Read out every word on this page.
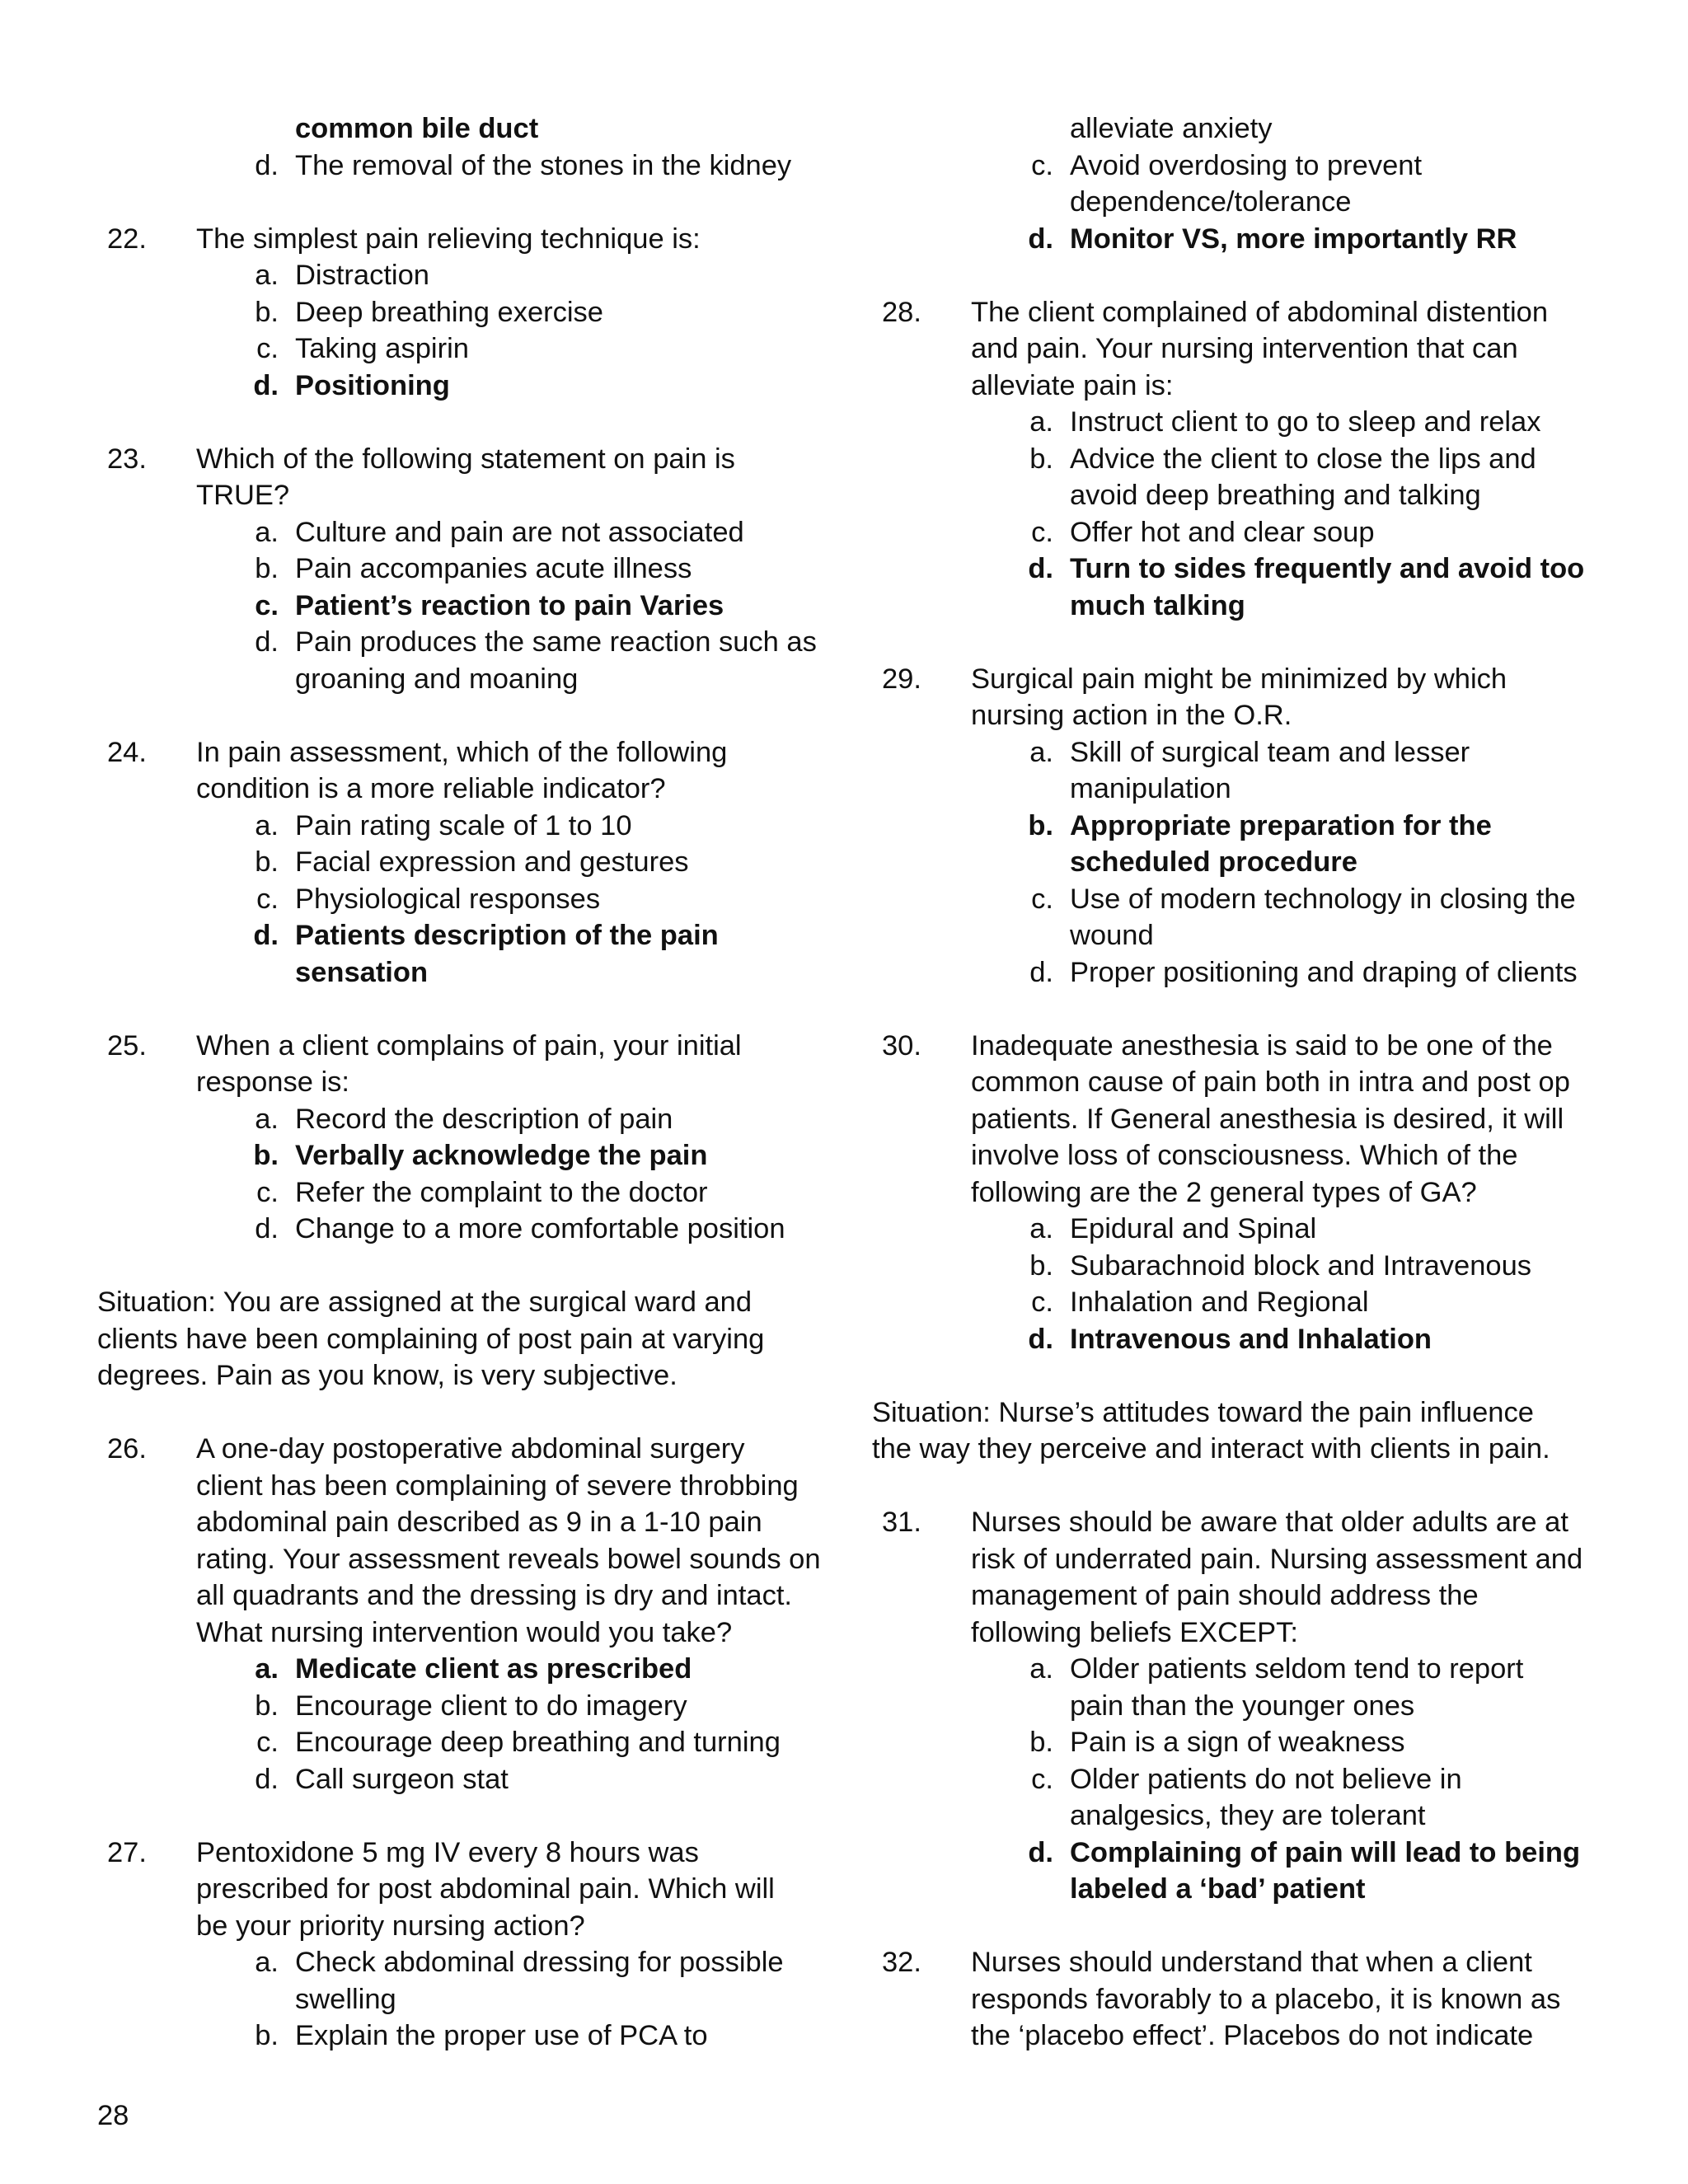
common bile duct
d. The removal of the stones in the kidney
22. The simplest pain relieving technique is:
a. Distraction
b. Deep breathing exercise
c. Taking aspirin
d. Positioning
23. Which of the following statement on pain is
TRUE?
a. Culture and pain are not associated
b. Pain accompanies acute illness
c. Patient’s reaction to pain Varies
d. Pain produces the same reaction such as
groaning and moaning
24. In pain assessment, which of the following
condition is a more reliable indicator?
a. Pain rating scale of 1 to 10
b. Facial expression and gestures
c. Physiological responses
d. Patients description of the pain
sensation
25. When a client complains of pain, your initial
response is:
a. Record the description of pain
b. Verbally acknowledge the pain
c. Refer the complaint to the doctor
d. Change to a more comfortable position
Situation: You are assigned at the surgical ward and
clients have been complaining of post pain at varying
degrees. Pain as you know, is very subjective.
26. A one-day postoperative abdominal surgery
client has been complaining of severe throbbing
abdominal pain described as 9 in a 1-10 pain
rating. Your assessment reveals bowel sounds on
all quadrants and the dressing is dry and intact.
What nursing intervention would you take?
a. Medicate client as prescribed
b. Encourage client to do imagery
c. Encourage deep breathing and turning
d. Call surgeon stat
27. Pentoxidone 5 mg IV every 8 hours was
prescribed for post abdominal pain. Which will
be your priority nursing action?
a. Check abdominal dressing for possible
swelling
b. Explain the proper use of PCA to
alleviate anxiety
c. Avoid overdosing to prevent
dependence/tolerance
d. Monitor VS, more importantly RR
28. The client complained of abdominal distention
and pain. Your nursing intervention that can
alleviate pain is:
a. Instruct client to go to sleep and relax
b. Advice the client to close the lips and
avoid deep breathing and talking
c. Offer hot and clear soup
d. Turn to sides frequently and avoid too
much talking
29. Surgical pain might be minimized by which
nursing action in the O.R.
a. Skill of surgical team and lesser
manipulation
b. Appropriate preparation for the
scheduled procedure
c. Use of modern technology in closing the
wound
d. Proper positioning and draping of clients
30. Inadequate anesthesia is said to be one of the
common cause of pain both in intra and post op
patients. If General anesthesia is desired, it will
involve loss of consciousness. Which of the
following are the 2 general types of GA?
a. Epidural and Spinal
b. Subarachnoid block and Intravenous
c. Inhalation and Regional
d. Intravenous and Inhalation
Situation: Nurse’s attitudes toward the pain influence
the way they perceive and interact with clients in pain.
31. Nurses should be aware that older adults are at
risk of underrated pain. Nursing assessment and
management of pain should address the
following beliefs EXCEPT:
a. Older patients seldom tend to report
pain than the younger ones
b. Pain is a sign of weakness
c. Older patients do not believe in
analgesics, they are tolerant
d. Complaining of pain will lead to being
labeled a ‘bad’ patient
32. Nurses should understand that when a client
responds favorably to a placebo, it is known as
the ‘placebo effect’. Placebos do not indicate
28
